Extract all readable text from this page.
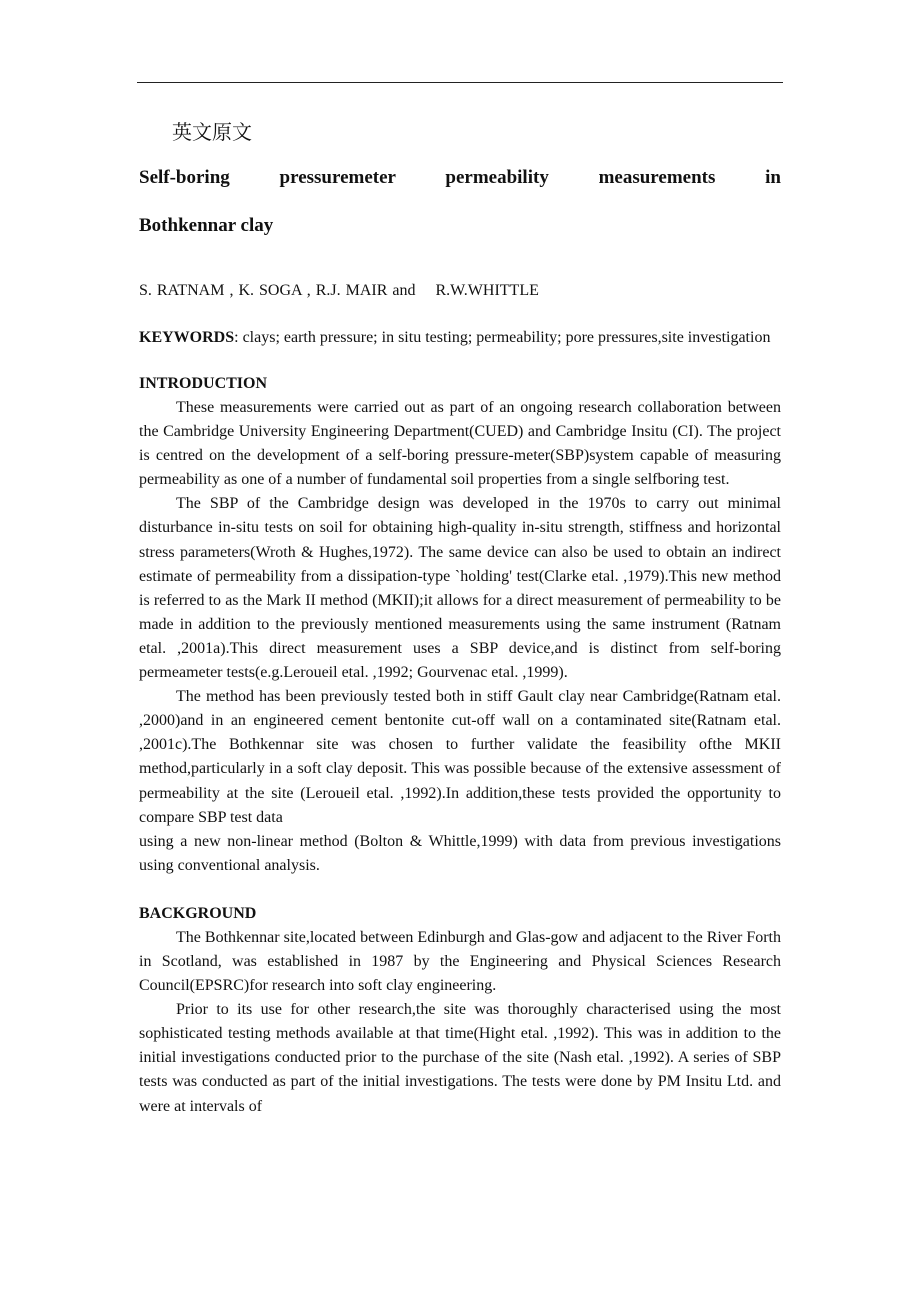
英文原文
Self-boring pressuremeter permeability measurements in
Bothkennar clay

S. RATNAM , K. SOGA , R.J. MAIR and    R.W.WHITTLE

KEYWORDS: clays; earth pressure; in situ testing; permeability; pore pressures,site investigation

INTRODUCTION

These measurements were carried out as part of an ongoing research collaboration between the Cambridge University Engineering Department(CUED) and Cambridge Insitu (CI). The project is centred on the development of a self-boring pressure-meter(SBP)system capable of measuring permeability as one of a number of fundamental soil properties from a single selfboring test.

The SBP of the Cambridge design was developed in the 1970s to carry out minimal disturbance in-situ tests on soil for obtaining high-quality in-situ strength, stiffness and horizontal stress parameters(Wroth & Hughes,1972). The same device can also be used to obtain an indirect estimate of permeability from a dissipation-type `holding' test(Clarke etal. ,1979).This new method is referred to as the Mark II method (MKII);it allows for a direct measurement of permeability to be made in addition to the previously mentioned measurements using the same instrument (Ratnam etal. ,2001a).This direct measurement uses a SBP device,and is distinct from self-boring permeameter tests(e.g.Leroueil etal. ,1992; Gourvenac etal. ,1999).

The method has been previously tested both in stiff Gault clay near Cambridge(Ratnam etal. ,2000)and in an engineered cement bentonite cut-off wall on a contaminated site(Ratnam etal. ,2001c).The Bothkennar site was chosen to further validate the feasibility ofthe MKII method,particularly in a soft clay deposit. This was possible because of the extensive assessment of permeability at the site (Leroueil etal. ,1992).In addition,these tests provided the opportunity to compare SBP test data
using a new non-linear method (Bolton & Whittle,1999) with data from previous investigations using conventional analysis.

BACKGROUND

The Bothkennar site,located between Edinburgh and Glas-gow and adjacent to the River Forth in Scotland, was established in 1987 by the Engineering and Physical Sciences Research Council(EPSRC)for research into soft clay engineering.

Prior to its use for other research,the site was thoroughly characterised using the most sophisticated testing methods available at that time(Hight etal. ,1992). This was in addition to the initial investigations conducted prior to the purchase of the site (Nash etal. ,1992). A series of SBP tests was conducted as part of the initial investigations. The tests were done by PM Insitu Ltd. and were at intervals of
